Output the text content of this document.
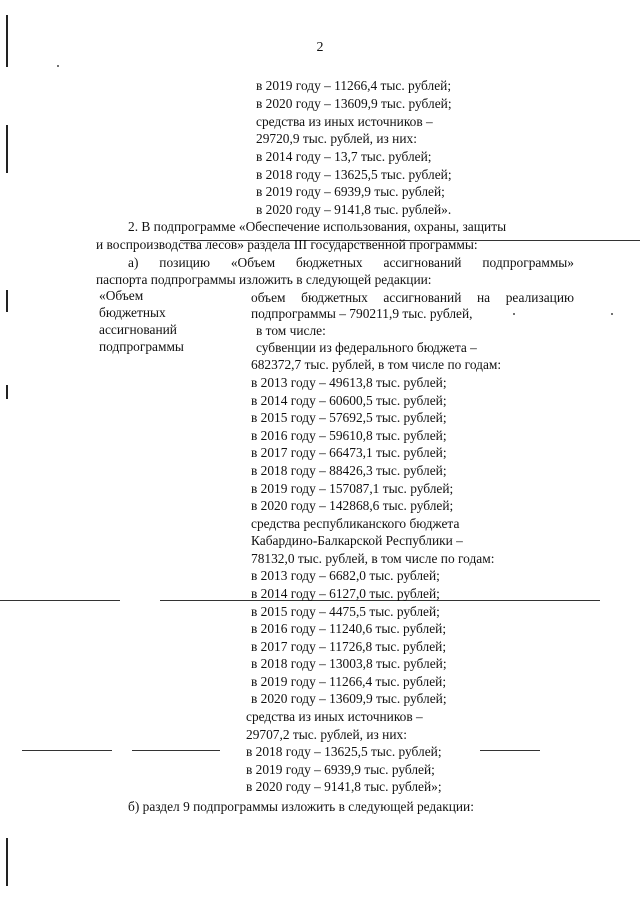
2
в 2019 году – 11266,4 тыс. рублей;
в 2020 году – 13609,9 тыс. рублей;
средства из иных источников –
29720,9 тыс. рублей, из них:
в 2014 году – 13,7 тыс. рублей;
в 2018 году – 13625,5 тыс. рублей;
в 2019 году – 6939,9 тыс. рублей;
в 2020 году – 9141,8 тыс. рублей».
2. В подпрограмме «Обеспечение использования, охраны, защиты
и воспроизводства лесов» раздела III государственной программы:
а) позицию «Объем бюджетных ассигнований подпрограммы»
паспорта подпрограммы изложить в следующей редакции:
«Объем
бюджетных
ассигнований
подпрограммы
объем бюджетных ассигнований на реализацию
подпрограммы – 790211,9 тыс. рублей,
в том числе:
субвенции из федерального бюджета –
682372,7 тыс. рублей, в том числе по годам:
в 2013 году – 49613,8 тыс. рублей;
в 2014 году – 60600,5 тыс. рублей;
в 2015 году – 57692,5 тыс. рублей;
в 2016 году – 59610,8 тыс. рублей;
в 2017 году – 66473,1 тыс. рублей;
в 2018 году – 88426,3 тыс. рублей;
в 2019 году – 157087,1 тыс. рублей;
в 2020 году – 142868,6 тыс. рублей;
средства республиканского бюджета
Кабардино-Балкарской Республики –
78132,0 тыс. рублей, в том числе по годам:
в 2013 году – 6682,0 тыс. рублей;
в 2014 году – 6127,0 тыс. рублей;
в 2015 году – 4475,5 тыс. рублей;
в 2016 году – 11240,6 тыс. рублей;
в 2017 году – 11726,8 тыс. рублей;
в 2018 году – 13003,8 тыс. рублей;
в 2019 году – 11266,4 тыс. рублей;
в 2020 году – 13609,9 тыс. рублей;
средства из иных источников –
29707,2 тыс. рублей, из них:
в 2018 году – 13625,5 тыс. рублей;
в 2019 году – 6939,9 тыс. рублей;
в 2020 году – 9141,8 тыс. рублей»;
б) раздел 9 подпрограммы изложить в следующей редакции:
